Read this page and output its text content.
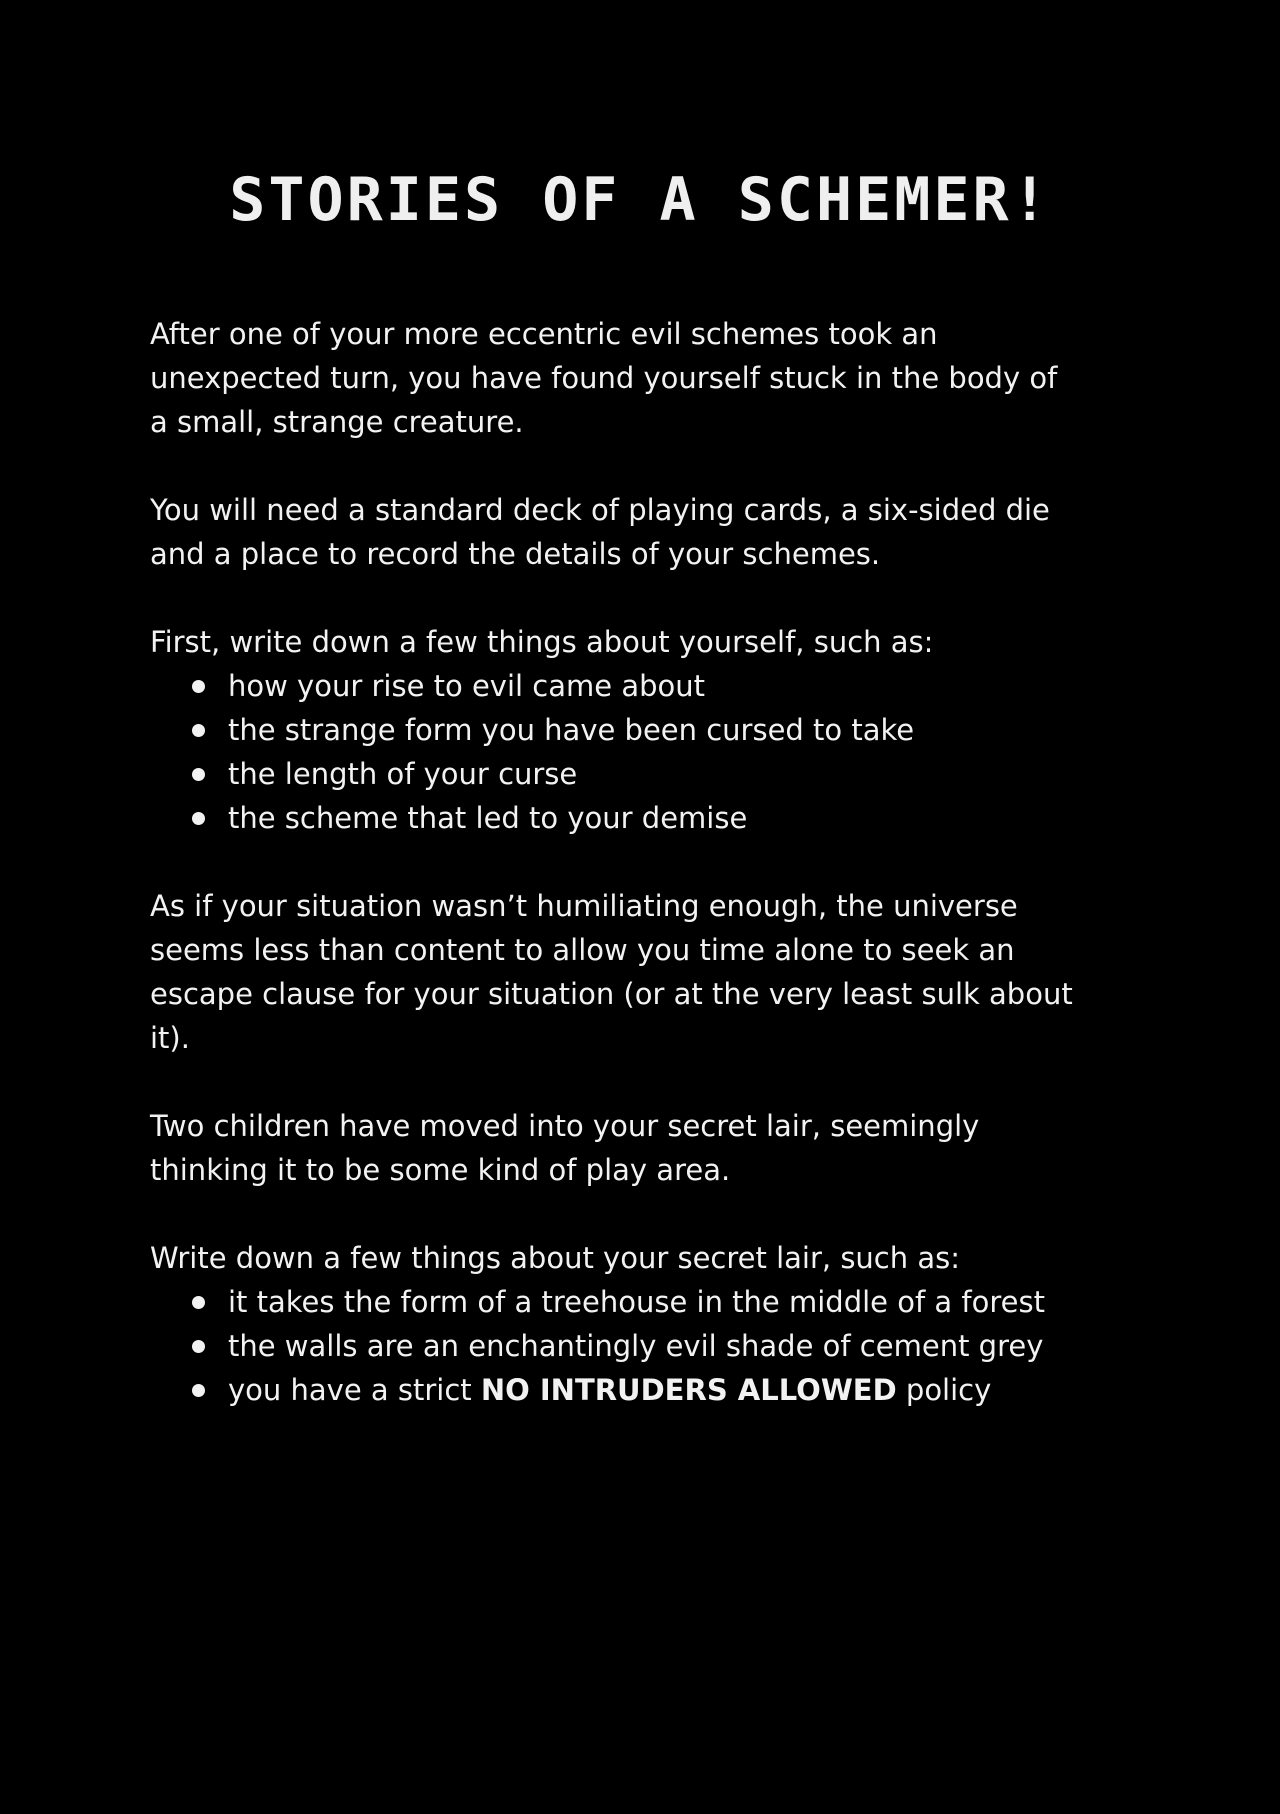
STORIES OF A SCHEMER!

After one of your more eccentric evil schemes took an unexpected turn, you have found yourself stuck in the body of a small, strange creature.

You will need a standard deck of playing cards, a six-sided die and a place to record the details of your schemes.

First, write down a few things about yourself, such as:

how your rise to evil came about
the strange form you have been cursed to take
the length of your curse
the scheme that led to your demise

As if your situation wasn’t humiliating enough, the universe seems less than content to allow you time alone to seek an escape clause for your situation (or at the very least sulk about it).

Two children have moved into your secret lair, seemingly thinking it to be some kind of play area.

Write down a few things about your secret lair, such as:

it takes the form of a treehouse in the middle of a forest
the walls are an enchantingly evil shade of cement grey
you have a strict NO INTRUDERS ALLOWED policy
